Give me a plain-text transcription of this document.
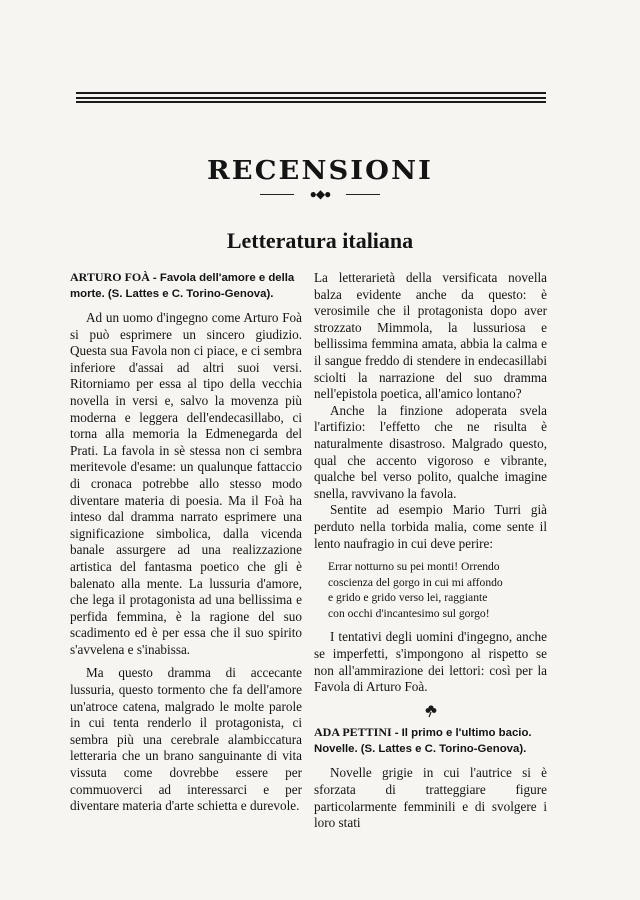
RECENSIONI
●◆●
Letteratura italiana

ARTURO FOÀ - Favola dell'amore e della morte. (S. Lattes e C. Torino-Genova).

Ad un uomo d'ingegno come Arturo Foà si può esprimere un sincero giudizio. Questa sua Favola non ci piace, e ci sembra inferiore d'assai ad altri suoi versi. Ritorniamo per essa al tipo della vecchia novella in versi e, salvo la movenza più moderna e leggera dell'endecasillabo, ci torna alla memoria la Edmenegarda del Prati. La favola in sè stessa non ci sembra meritevole d'esame: un qualunque fattaccio di cronaca potrebbe allo stesso modo diventare materia di poesia. Ma il Foà ha inteso dal dramma narrato esprimere una significazione simbolica, dalla vicenda banale assurgere ad una realizzazione artistica del fantasma poetico che gli è balenato alla mente. La lussuria d'amore, che lega il protagonista ad una bellissima e perfida femmina, è la ragione del suo scadimento ed è per essa che il suo spirito s'avvelena e s'inabissa.

Ma questo dramma di accecante lussuria, questo tormento che fa dell'amore un'atroce catena, malgrado le molte parole in cui tenta renderlo il protagonista, ci sembra più una cerebrale alambiccatura letteraria che un brano sanguinante di vita vissuta come dovrebbe essere per commuoverci ad interessarci e per diventare materia d'arte schietta e durevole.

La letterarietà della versificata novella balza evidente anche da questo: è verosimile che il protagonista dopo aver strozzato Mimmola, la lussuriosa e bellissima femmina amata, abbia la calma e il sangue freddo di stendere in endecasillabi sciolti la narrazione del suo dramma nell'epistola poetica, all'amico lontano?

Anche la finzione adoperata svela l'artifizio: l'effetto che ne risulta è naturalmente disastroso. Malgrado questo, qual che accento vigoroso e vibrante, qualche bel verso polito, qualche imagine snella, ravvivano la favola.

Sentite ad esempio Mario Turri già perduto nella torbida malia, come sente il lento naufragio in cui deve perire:

Errar notturno su pei monti! Orrendo
coscienza del gorgo in cui mi affondo
e grido e grido verso lei, raggiante
con occhi d'incantesimo sul gorgo!

I tentativi degli uomini d'ingegno, anche se imperfetti, s'impongono al rispetto se non all'ammirazione dei lettori: così per la Favola di Arturo Foà.

ADA PETTINI - Il primo e l'ultimo bacio. Novelle. (S. Lattes e C. Torino-Genova).

Novelle grigie in cui l'autrice si è sforzata di tratteggiare figure particolarmente femminili e di svolgere i loro stati
